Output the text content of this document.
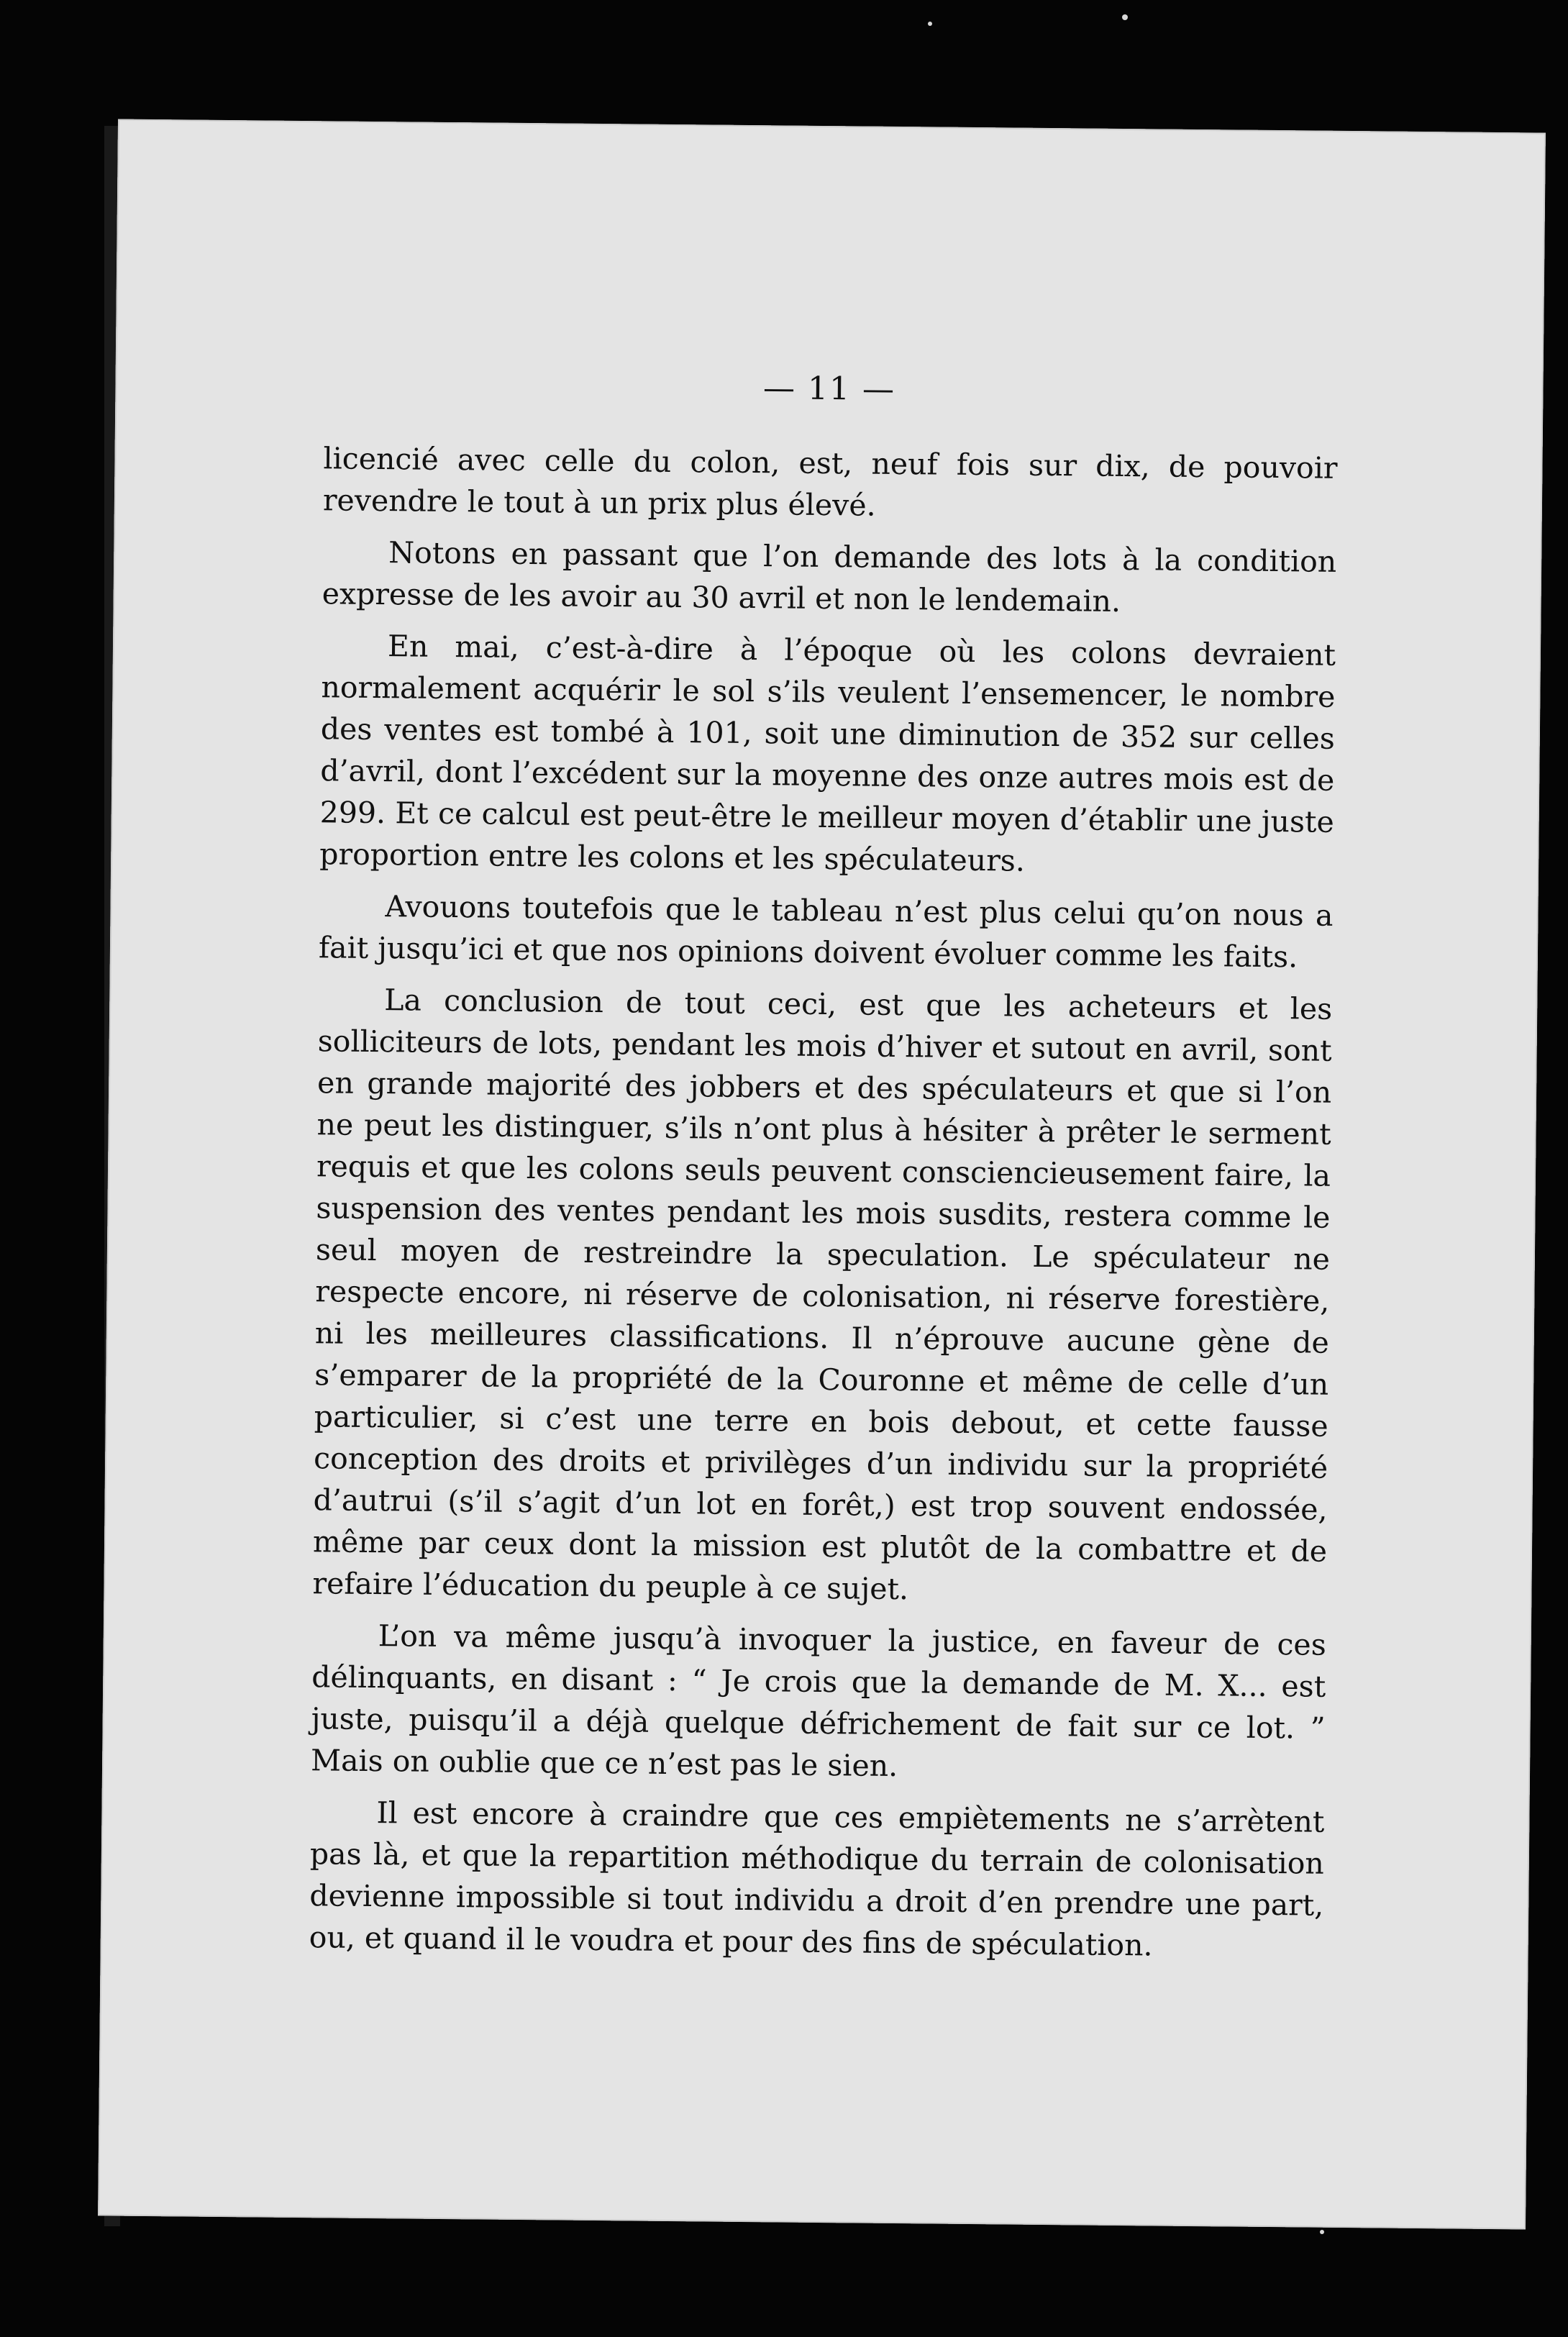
— 11 —

licencié avec celle du colon, est, neuf fois sur dix, de pouvoir revendre le tout à un prix plus élevé.

Notons en passant que l’on demande des lots à la condition expresse de les avoir au 30 avril et non le lendemain.

En mai, c’est-à-dire à l’époque où les colons devraient normalement acquérir le sol s’ils veulent l’ensemencer, le nombre des ventes est tombé à 101, soit une diminution de 352 sur celles d’avril, dont l’excédent sur la moyenne des onze autres mois est de 299. Et ce calcul est peut-être le meilleur moyen d’établir une juste proportion entre les colons et les spéculateurs.

Avouons toutefois que le tableau n’est plus celui qu’on nous a fait jusqu’ici et que nos opinions doivent évoluer comme les faits.

La conclusion de tout ceci, est que les acheteurs et les solliciteurs de lots, pendant les mois d’hiver et sutout en avril, sont en grande majorité des jobbers et des spéculateurs et que si l’on ne peut les distinguer, s’ils n’ont plus à hésiter à prêter le serment requis et que les colons seuls peuvent consciencieusement faire, la suspension des ventes pendant les mois susdits, restera comme le seul moyen de restreindre la speculation. Le spéculateur ne respecte encore, ni réserve de colonisation, ni réserve forestière, ni les meilleures classifications. Il n’éprouve aucune gène de s’emparer de la propriété de la Couronne et même de celle d’un particulier, si c’est une terre en bois debout, et cette fausse conception des droits et privilèges d’un individu sur la propriété d’autrui (s’il s’agit d’un lot en forêt,) est trop souvent endossée, même par ceux dont la mission est plutôt de la combattre et de refaire l’éducation du peuple à ce sujet.

L’on va même jusqu’à invoquer la justice, en faveur de ces délinquants, en disant : “ Je crois que la demande de M. X... est juste, puisqu’il a déjà quelque défrichement de fait sur ce lot. ” Mais on oublie que ce n’est pas le sien.

Il est encore à craindre que ces empiètements ne s’arrètent pas là, et que la repartition méthodique du terrain de colonisation devienne impossible si tout individu a droit d’en prendre une part, ou, et quand il le voudra et pour des fins de spéculation.
